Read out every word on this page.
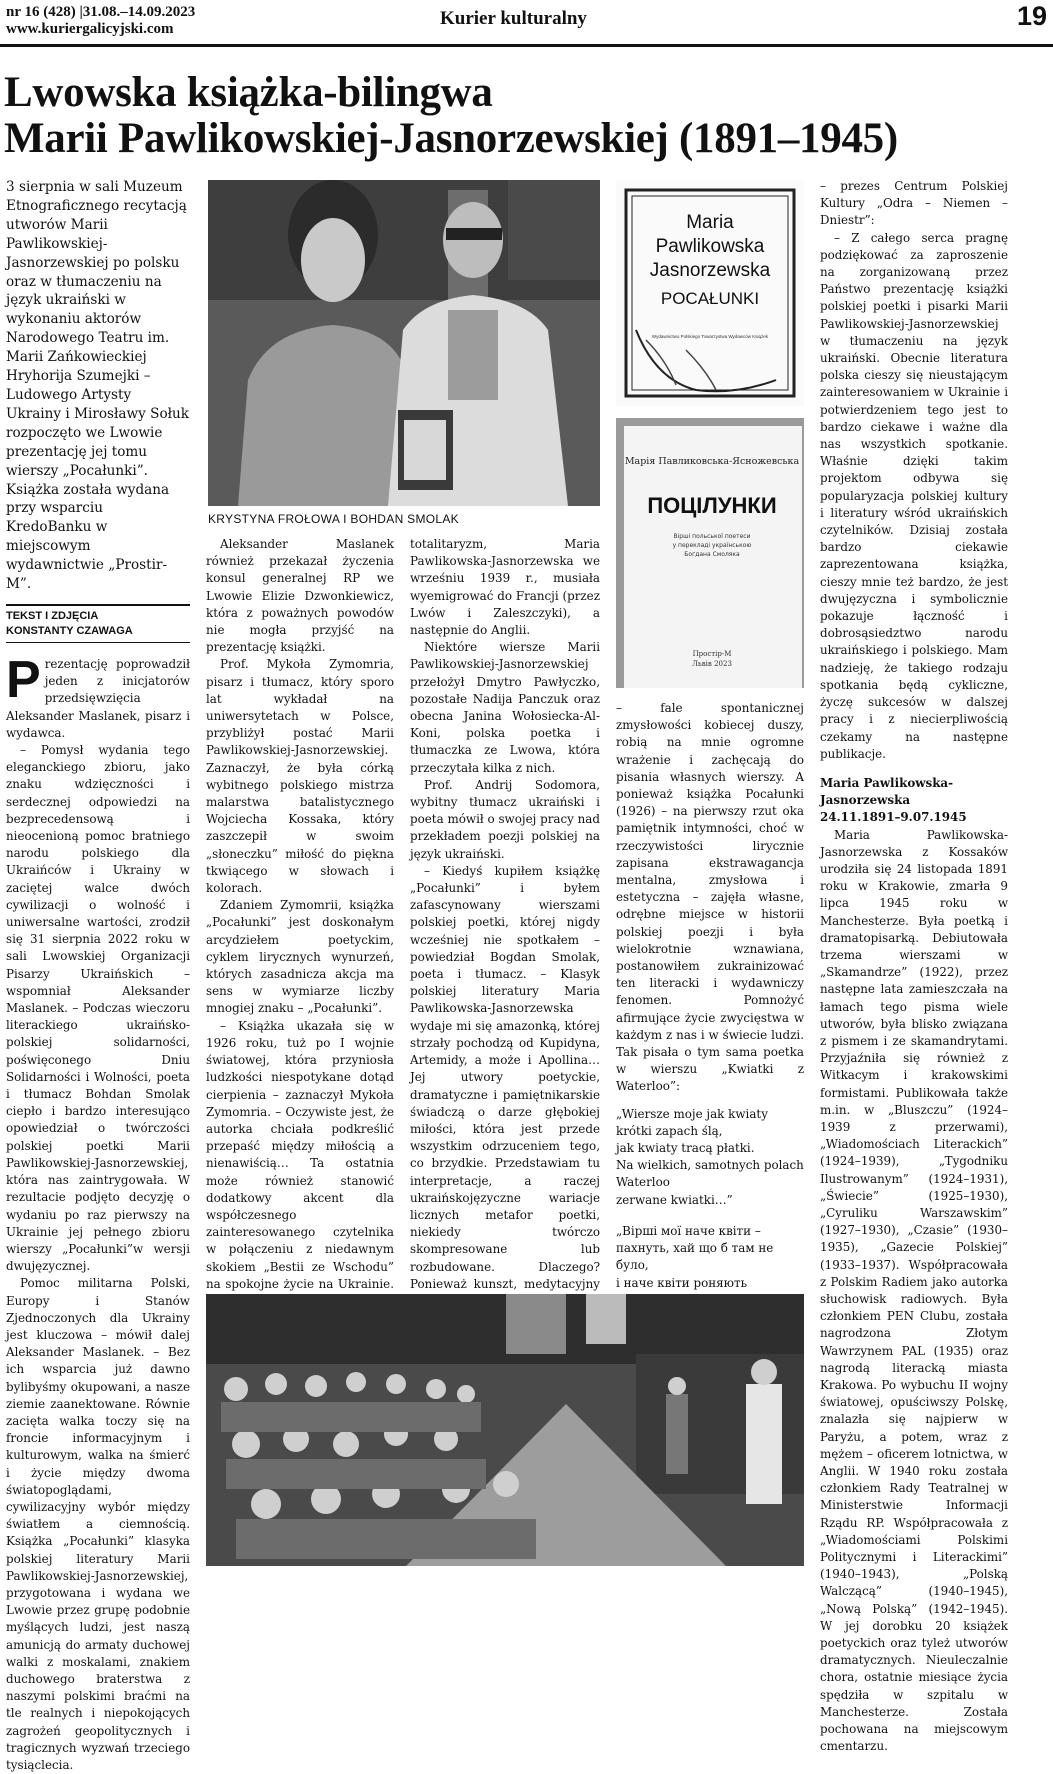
nr 16 (428) |31.08.–14.09.2023
www.kuriergalicyjski.com	Kurier kulturalny	19
Lwowska książka-bilingwa
Marii Pawlikowskiej-Jasnorzewskiej (1891–1945)
3 sierpnia w sali Muzeum Etnograficznego recytacją utworów Marii Pawlikowskiej-Jasnorzewskiej po polsku oraz w tłumaczeniu na język ukraiński w wykonaniu aktorów Narodowego Teatru im. Marii Zańkowieckiej Hryhorija Szumejki – Ludowego Artysty Ukrainy i Mirosławy Sołuk rozpoczęto we Lwowie prezentację jej tomu wierszy „Pocałunki”. Książka została wydana przy wsparciu KredoBanku w miejscowym wydawnictwie „Prostir-M”.
TEKST I ZDJĘCIA
KONSTANTY CZAWAGA

Prezentację poprowadził jeden z inicjatorów przedsięwzięcia Aleksander Maslanek, pisarz i wydawca.

– Pomysł wydania tego eleganckiego zbioru, jako znaku wdzięczności i serdecznej odpowiedzi na bezprecedensową i nieocenioną pomoc bratniego narodu polskiego dla Ukraińców i Ukrainy w zaciętej walce dwóch cywilizacji o wolność i uniwersalne wartości, zrodził się 31 sierpnia 2022 roku w sali Lwowskiej Organizacji Pisarzy Ukraińskich – wspomniał Aleksander Maslanek. – Podczas wieczoru literackiego ukraińsko-polskiej solidarności, poświęconego Dniu Solidarności i Wolności, poeta i tłumacz Bohdan Smolak ciepło i bardzo interesująco opowiedział o twórczości polskiej poetki Marii Pawlikowskiej-Jasnorzewskiej, która nas zaintrygowała. W rezultacie podjęto decyzję o wydaniu po raz pierwszy na Ukrainie jej pełnego zbioru wierszy „Pocałunki”w wersji dwujęzycznej.

Pomoc militarna Polski, Europy i Stanów Zjednoczonych dla Ukrainy jest kluczowa – mówił dalej Aleksander Maslanek. – Bez ich wsparcia już dawno bylibyśmy okupowani, a nasze ziemie zaanektowane. Równie zacięta walka toczy się na froncie informacyjnym i kulturowym, walka na śmierć i życie między dwoma światopoglądami, cywilizacyjny wybór między światłem a ciemnością. Książka „Pocałunki” klasyka polskiej literatury Marii Pawlikowskiej-Jasnorzewskiej, przygotowana i wydana we Lwowie przez grupę podobnie myślących ludzi, jest naszą amunicją do armaty duchowej walki z moskalami, znakiem duchowego braterstwa z naszymi polskimi braćmi na tle realnych i niepokojących zagrożeń geopolitycznych i tragicznych wyzwań trzeciego tysiąclecia.

KRYSTYNA FROŁOWA I BOHDAN SMOLAK
Maria
Pawlikowska
Jasnorzewska
POCAŁUNKI
Wydawnictwo Polskiego Towarzystwa Wydawców Książek
Марія Павликовська-Ясножевська
ПОЦІЛУНКИ
Вірші польської поетеси
у перекладі українською
Богдана Смоляка
Простір-М
Львів 2023

Aleksander Maslanek również przekazał życzenia konsul generalnej RP we Lwowie Elizie Dzwonkiewicz, która z poważnych powodów nie mogła przyjść na prezentację książki.

Prof. Mykoła Zymomria, pisarz i tłumacz, który sporo lat wykładał na uniwersytetach w Polsce, przybliżył postać Marii Pawlikowskiej-Jasnorzewskiej. Zaznaczył, że była córką wybitnego polskiego mistrza malarstwa batalistycznego Wojciecha Kossaka, który zaszczepił w swoim „słoneczku” miłość do piękna tkwiącego w słowach i kolorach.

Zdaniem Zymomrii, książka „Pocałunki” jest doskonałym arcydziełem poetyckim, cyklem lirycznych wynurzeń, których zasadnicza akcja ma sens w wymiarze liczby mnogiej znaku – „Pocałunki”.

– Książka ukazała się w 1926 roku, tuż po I wojnie światowej, która przyniosła ludzkości niespotykane dotąd cierpienia – zaznaczył Mykoła Zymomria. – Oczywiste jest, że autorka chciała podkreślić przepaść między miłością a nienawiścią… Ta ostatnia może również stanowić dodatkowy akcent dla współczesnego zainteresowanego czytelnika w połączeniu z niedawnym skokiem „Bestii ze Wschodu” na spokojne życie na Ukrainie.

totalitaryzm, Maria Pawlikowska-Jasnorzewska we wrześniu 1939 r., musiała wyemigrować do Francji (przez Lwów i Zaleszczyki), a następnie do Anglii.

Niektóre wiersze Marii Pawlikowskiej-Jasnorzewskiej przełożył Dmytro Pawłyczko, pozostałe Nadija Panczuk oraz obecna Janina Wołosiecka-Al-Koni, polska poetka i tłumaczka ze Lwowa, która przeczytała kilka z nich.

Prof. Andrij Sodomora, wybitny tłumacz ukraiński i poeta mówił o swojej pracy nad przekładem poezji polskiej na język ukraiński.

– Kiedyś kupiłem książkę „Pocałunki” i byłem zafascynowany wierszami polskiej poetki, której nigdy wcześniej nie spotkałem – powiedział Bogdan Smolak, poeta i tłumacz. – Klasyk polskiej literatury Maria Pawlikowska-Jasnorzewska wydaje mi się amazonką, której strzały pochodzą od Kupidyna, Artemidy, a może i Apollina… Jej utwory poetyckie, dramatyczne i pamiętnikarskie świadczą o darze głębokiej miłości, która jest przede wszystkim odrzuceniem tego, co brzydkie. Przedstawiam tu interpretacje, a raczej ukraińskojęzyczne wariacje licznych metafor poetki, niekiedy twórczo skompresowane lub rozbudowane. Dlaczego? Ponieważ kunszt, medytacyjny

– fale spontanicznej zmysłowości kobiecej duszy, robią na mnie ogromne wrażenie i zachęcają do pisania własnych wierszy. A ponieważ książka Pocałunki (1926) – na pierwszy rzut oka pamiętnik intymności, choć w rzeczywistości lirycznie zapisana ekstrawagancja mentalna, zmysłowa i estetyczna – zajęła własne, odrębne miejsce w historii polskiej poezji i była wielokrotnie wznawiana, postanowiłem zukrainizować ten literacki i wydawniczy fenomen. Pomnożyć afirmujące życie zwycięstwa w każdym z nas i w świecie ludzi. Tak pisała o tym sama poetka w wierszu „Kwiatki z Waterloo”:

„Wiersze moje jak kwiaty krótki zapach ślą,

jak kwiaty tracą płatki.

Na wielkich, samotnych polach Waterloo

zerwane kwiatki…”

„Вірші мої наче квіти –

пахнуть, хай що б там не було,

і наче квіти роняють

– prezes Centrum Polskiej Kultury „Odra – Niemen – Dniestr”:

– Z całego serca pragnę podziękować za zaproszenie na zorganizowaną przez Państwo prezentację książki polskiej poetki i pisarki Marii Pawlikowskiej-Jasnorzewskiej w tłumaczeniu na język ukraiński. Obecnie literatura polska cieszy się nieustającym zainteresowaniem w Ukrainie i potwierdzeniem tego jest to bardzo ciekawe i ważne dla nas wszystkich spotkanie. Właśnie dzięki takim projektom odbywa się popularyzacja polskiej kultury i literatury wśród ukraińskich czytelników. Dzisiaj została bardzo ciekawie zaprezentowana książka, cieszy mnie też bardzo, że jest dwujęzyczna i symbolicznie pokazuje łączność i dobrosąsiedztwo narodu ukraińskiego i polskiego. Mam nadzieję, że takiego rodzaju spotkania będą cykliczne, życzę sukcesów w dalszej pracy i z niecierpliwością czekamy na następne publikacje.

Maria Pawlikowska-

Jasnorzewska

24.11.1891–9.07.1945

Maria Pawlikowska-Jasnorzewska z Kossaków urodziła się 24 listopada 1891 roku w Krakowie, zmarła 9 lipca 1945 roku w Manchesterze. Była poetką i dramatopisarką. Debiutowała trzema wierszami w „Skamandrze” (1922), przez następne lata zamieszczała na łamach tego pisma wiele utworów, była blisko związana z pismem i ze skamandrytami. Przyjaźniła się również z Witkacym i krakowskimi formistami. Publikowała także m.in. w „Bluszczu” (1924–1939 z przerwami), „Wiadomościach Literackich” (1924–1939), „Tygodniku Ilustrowanym” (1924–1931), „Świecie” (1925–1930), „Cyruliku Warszawskim” (1927–1930), „Czasie” (1930–1935), „Gazecie Polskiej” (1933–1937). Współpracowała z Polskim Radiem jako autorka słuchowisk radiowych. Była członkiem PEN Clubu, została nagrodzona Złotym Wawrzynem PAL (1935) oraz nagrodą literacką miasta Krakowa. Po wybuchu II wojny światowej, opuściwszy Polskę, znalazła się najpierw w Paryżu, a potem, wraz z mężem – oficerem lotnictwa, w Anglii. W 1940 roku została członkiem Rady Teatralnej w Ministerstwie Informacji Rządu RP. Współpracowała z „Wiadomościami Polskimi Politycznymi i Literackimi” (1940–1943), „Polską Walczącą” (1940–1945), „Nową Polską” (1942–1945). W jej dorobku 20 książek poetyckich oraz tyleż utworów dramatycznych. Nieuleczalnie chora, ostatnie miesiące życia spędziła w szpitalu w Manchesterze. Została pochowana na miejscowym cmentarzu.
